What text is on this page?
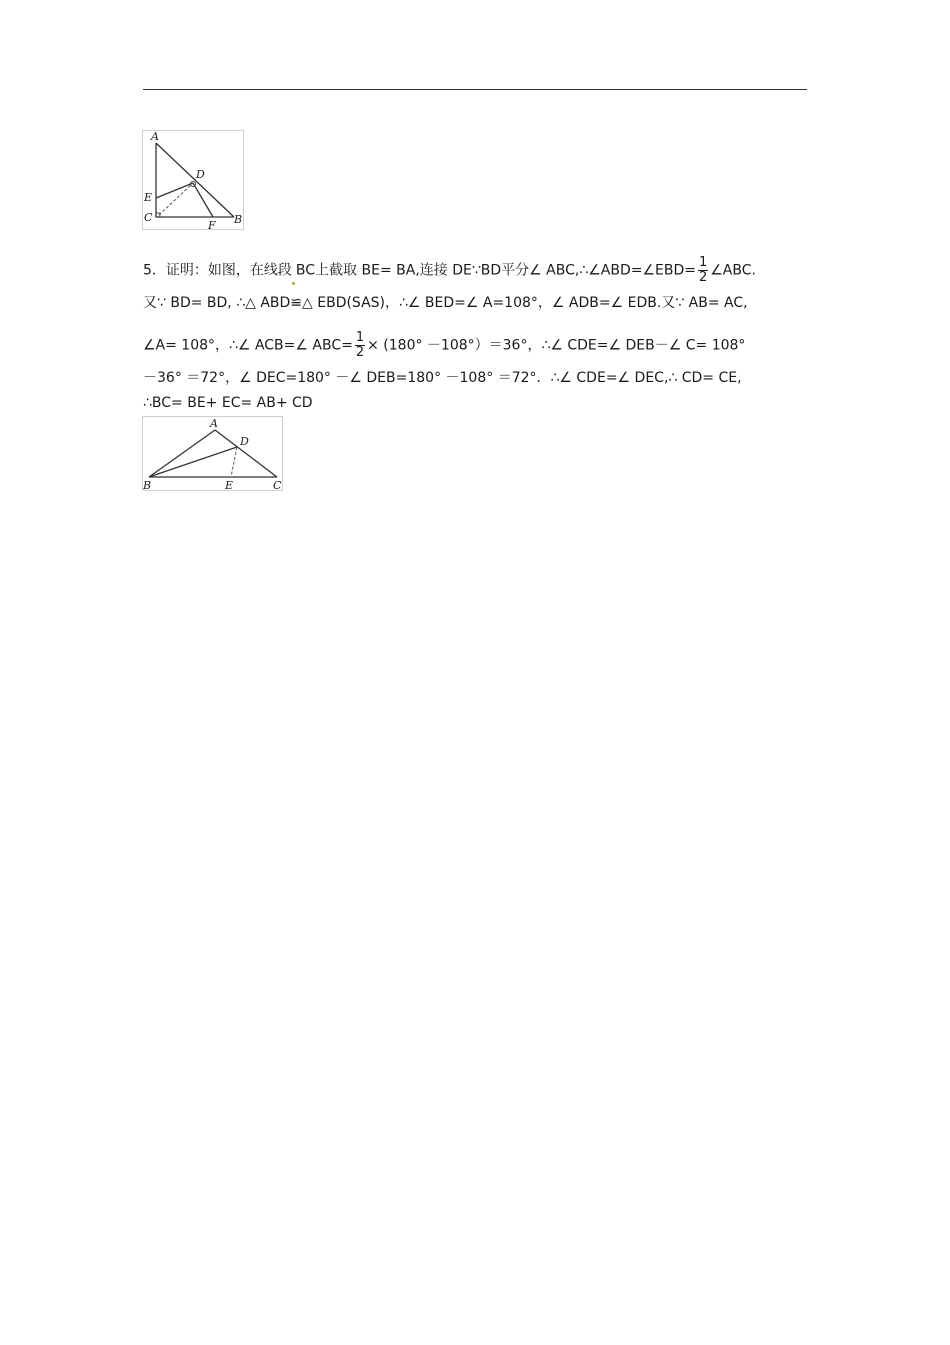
A
B
C
D
E
F
5．证明：如图，在线段 BC上截取 BE= BA,连接 DE∵BD平分∠ ABC,∴∠ABD=∠EBD= $\frac{1}{2}$ ∠ABC.
又∵ BD= BD, ∴△ ABD≌△ EBD(SAS)，∴∠ BED=∠ A=108°，∠ ADB=∠ EDB.又∵ AB= AC,
∠A= 108°，∴∠ ACB=∠ $ABC= \frac{1}{2} \times (180^\circ -108^\circ)=36^\circ$，∴∠ CDE=∠ DEB－∠ C= 108°
－36° ＝72°，∠ DEC=180° －∠ DEB=180° －108° ＝72°．∴∠ CDE=∠ DEC,∴ CD= CE,
∴BC= BE+ EC= AB+ CD
A
B	C
D
E
